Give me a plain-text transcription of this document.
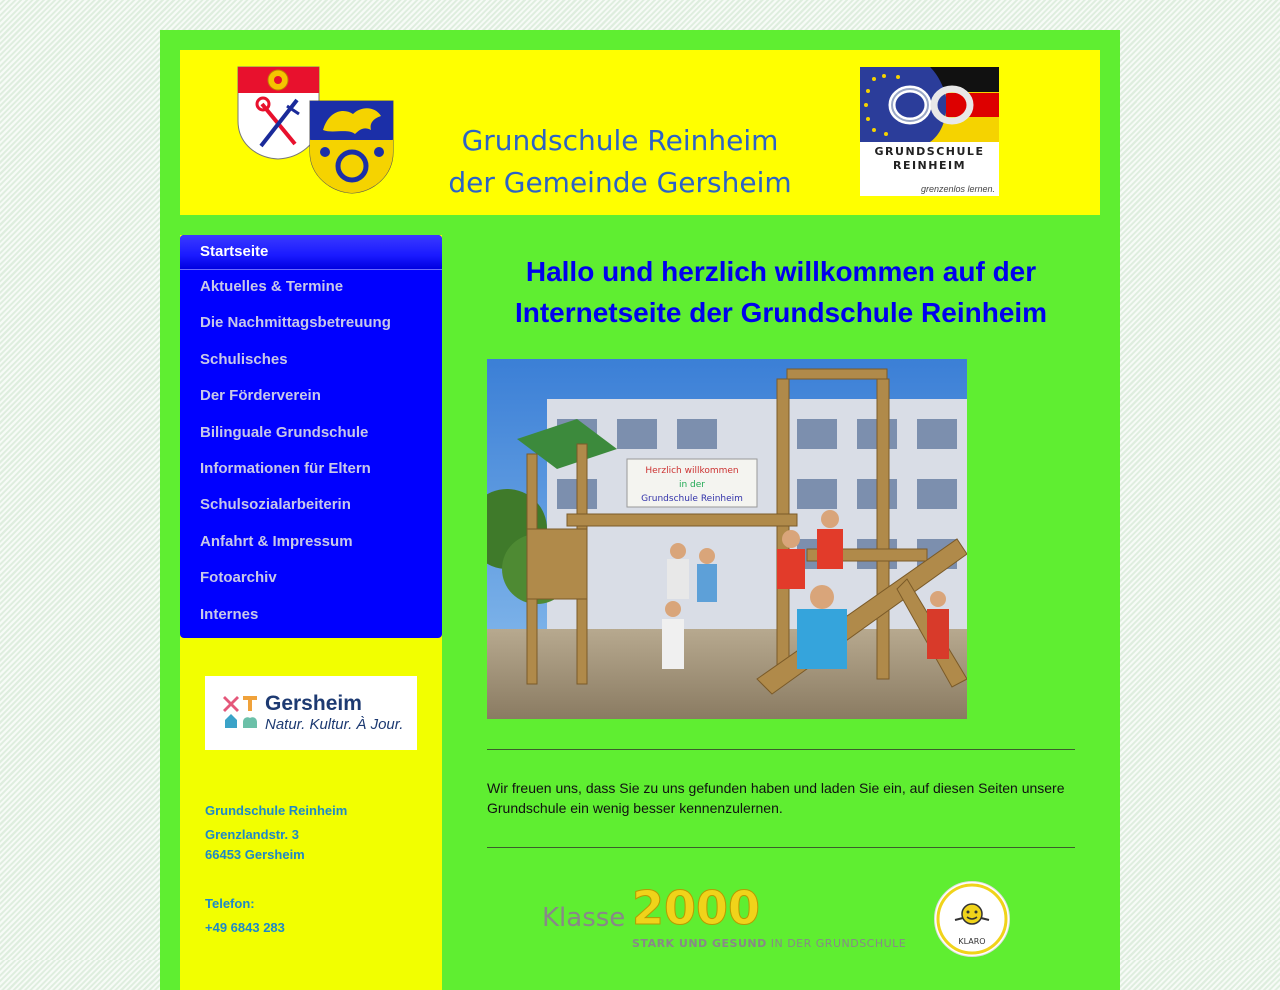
Grundschule Reinheim
der Gemeinde Gersheim
GRUNDSCHULE
REINHEIM
grenzenlos lernen.
Startseite
Aktuelles & Termine
Die Nachmittagsbetreuung
Schulisches
Der Förderverein
Bilinguale Grundschule
Informationen für Eltern
Schulsozialarbeiterin
Anfahrt & Impressum
Fotoarchiv
Internes
Gersheim
Natur. Kultur. À Jour.
Grundschule Reinheim
Grenzlandstr. 3
66453 Gersheim
Telefon:
+49 6843 283
Hallo und herzlich willkommen auf der
Internetseite der Grundschule Reinheim
Herzlich willkommen
in der
Grundschule Reinheim

Wir freuen uns, dass Sie zu uns gefunden haben und laden Sie ein, auf diesen Seiten unsere Grundschule ein wenig besser kennenzulernen.

Klasse 2000
STARK UND GESUND IN DER GRUNDSCHULE	KLARO
